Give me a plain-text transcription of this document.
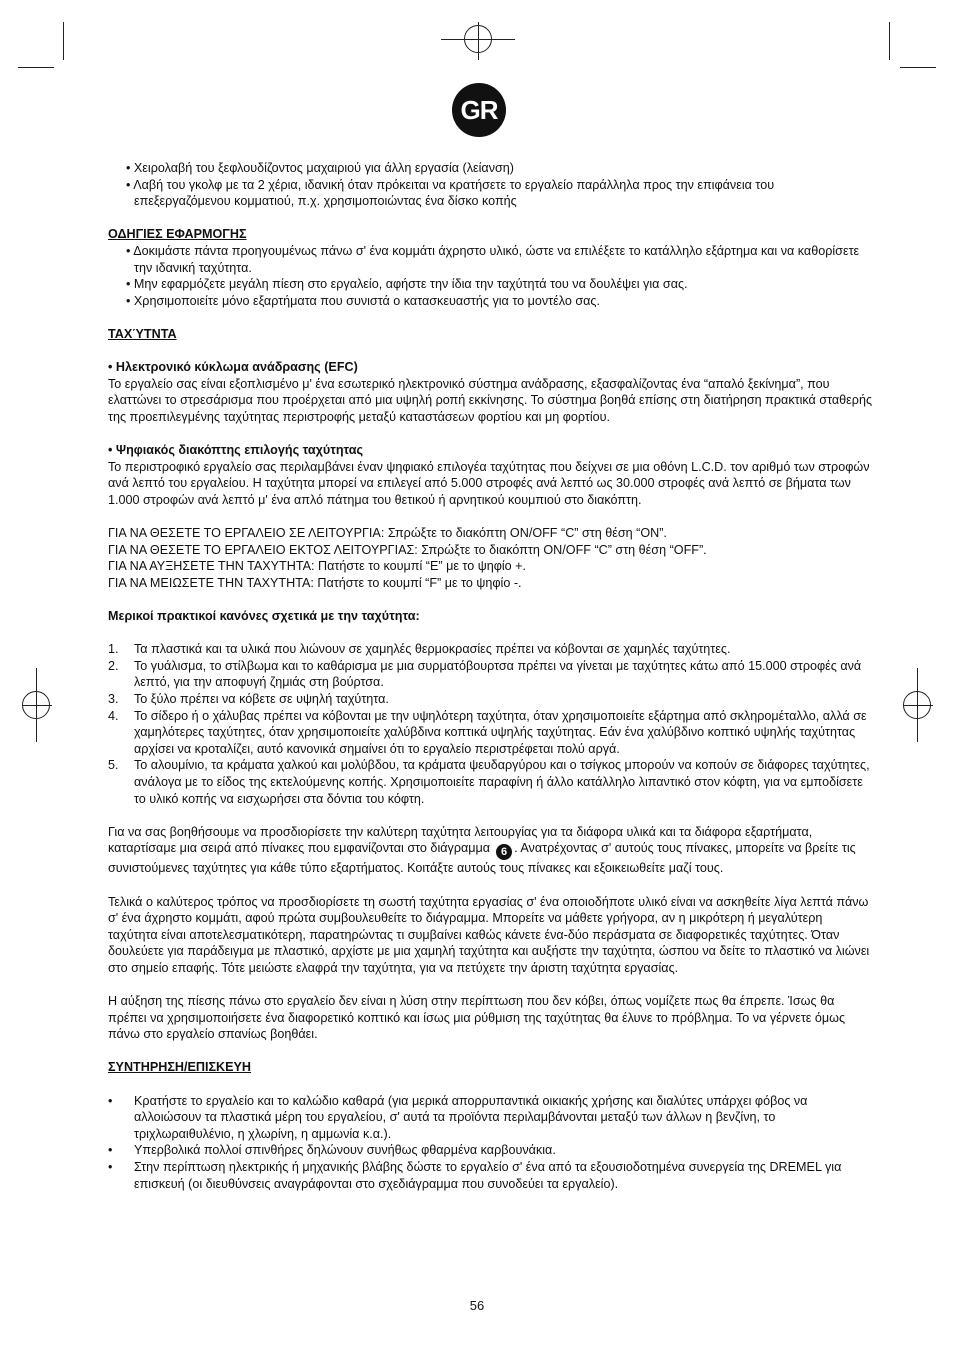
GR

• Χειρολαβή του ξεφλουδίζοντος μαχαιριού για άλλη εργασία (λείανση)

• Λαβή του γκολφ με τα 2 χέρια, ιδανική όταν πρόκειται να κρατήσετε το εργαλείο παράλληλα προς την επιφάνεια του επεξεργαζόμενου κομματιού, π.χ. χρησιμοποιώντας ένα δίσκο κοπής

ΟΔΗΓΙΕΣ ΕΦΑΡΜΟΓΗΣ

• Δοκιμάστε πάντα προηγουμένως πάνω σ' ένα κομμάτι άχρηστο υλικό, ώστε να επιλέξετε το κατάλληλο εξάρτημα και να καθορίσετε την ιδανική ταχύτητα.

• Μην εφαρμόζετε μεγάλη πίεση στο εργαλείο, αφήστε την ίδια την ταχύτητά του να δουλέψει για σας.

• Χρησιμοποιείτε μόνο εξαρτήματα που συνιστά ο κατασκευαστής για το μοντέλο σας.

ΤΑΧΎΤΝΤΑ

• Ηλεκτρονικό κύκλωμα ανάδρασης (EFC)

Το εργαλείο σας είναι εξοπλισμένο μ' ένα εσωτερικό ηλεκτρονικό σύστημα ανάδρασης, εξασφαλίζοντας ένα “απαλό ξεκίνημα”, που ελαττώνει το στρεσάρισμα που προέρχεται από μια υψηλή ροπή εκκίνησης. Το σύστημα βοηθά επίσης στη διατήρηση πρακτικά σταθερής της προεπιλεγμένης ταχύτητας περιστροφής μεταξύ καταστάσεων φορτίου και μη φορτίου.

• Ψηφιακός διακόπτης επιλογής ταχύτητας

Το περιστροφικό εργαλείο σας περιλαμβάνει έναν ψηφιακό επιλογέα ταχύτητας που δείχνει σε μια οθόνη L.C.D. τον αριθμό των στροφών ανά λεπτό του εργαλείου. Η ταχύτητα μπορεί να επιλεγεί από 5.000 στροφές ανά λεπτό ως 30.000 στροφές ανά λεπτό σε βήματα των 1.000 στροφών ανά λεπτό μ' ένα απλό πάτημα του θετικού ή αρνητικού κουμπιού στο διακόπτη.

ΓΙΑ ΝΑ ΘΕΣΕΤΕ ΤΟ ΕΡΓΑΛΕΙΟ ΣΕ ΛΕΙΤΟΥΡΓΙΑ: Σπρώξτε το διακόπτη ON/OFF “C” στη θέση “ON”.

ΓΙΑ ΝΑ ΘΕΣΕΤΕ ΤΟ ΕΡΓΑΛΕΙΟ ΕΚΤΟΣ ΛΕΙΤΟΥΡΓΙΑΣ: Σπρώξτε το διακόπτη ON/OFF “C” στη θέση “OFF”.

ΓΙΑ ΝΑ ΑΥΞΗΣΕΤΕ ΤΗΝ ΤΑΧΥΤΗΤΑ: Πατήστε το κουμπί “E” με το ψηφίο +.

ΓΙΑ ΝΑ ΜΕΙΩΣΕΤΕ ΤΗΝ ΤΑΧΥΤΗΤΑ: Πατήστε το κουμπί “F” με το ψηφίο -.

Μερικοί πρακτικοί κανόνες σχετικά με την ταχύτητα:

1.	Τα πλαστικά και τα υλικά που λιώνουν σε χαμηλές θερμοκρασίες πρέπει να κόβονται σε χαμηλές ταχύτητες.
2.	Το γυάλισμα, το στίλβωμα και το καθάρισμα με μια συρματόβουρτσα πρέπει να γίνεται με ταχύτητες κάτω από 15.000 στροφές ανά λεπτό, για την αποφυγή ζημιάς στη βούρτσα.
3.	Το ξύλο πρέπει να κόβετε σε υψηλή ταχύτητα.
4.	Το σίδερο ή ο χάλυβας πρέπει να κόβονται με την υψηλότερη ταχύτητα, όταν χρησιμοποιείτε εξάρτημα από σκληρομέταλλο, αλλά σε χαμηλότερες ταχύτητες, όταν χρησιμοποιείτε χαλύβδινα κοπτικά υψηλής ταχύτητας. Εάν ένα χαλύβδινο κοπτικό υψηλής ταχύτητας αρχίσει να κροταλίζει, αυτό κανονικά σημαίνει ότι το εργαλείο περιστρέφεται πολύ αργά.
5.	Το αλουμίνιο, τα κράματα χαλκού και μολύβδου, τα κράματα ψευδαργύρου και ο τσίγκος μπορούν να κοπούν σε διάφορες ταχύτητες, ανάλογα με το είδος της εκτελούμενης κοπής. Χρησιμοποιείτε παραφίνη ή άλλο κατάλληλο λιπαντικό στον κόφτη, για να εμποδίσετε το υλικό κοπής να εισχωρήσει στα δόντια του κόφτη.

Για να σας βοηθήσουμε να προσδιορίσετε την καλύτερη ταχύτητα λειτουργίας για τα διάφορα υλικά και τα διάφορα εξαρτήματα, καταρτίσαμε μια σειρά από πίνακες που εμφανίζονται στο διάγραμμα 6 . Ανατρέχοντας σ' αυτούς τους πίνακες, μπορείτε να βρείτε τις συνιστούμενες ταχύτητες για κάθε τύπο εξαρτήματος. Κοιτάξτε αυτούς τους πίνακες και εξοικειωθείτε μαζί τους.

Τελικά ο καλύτερος τρόπος να προσδιορίσετε τη σωστή ταχύτητα εργασίας σ' ένα οποιοδήποτε υλικό είναι να ασκηθείτε λίγα λεπτά πάνω σ' ένα άχρηστο κομμάτι, αφού πρώτα συμβουλευθείτε το διάγραμμα. Μπορείτε να μάθετε γρήγορα, αν η μικρότερη ή μεγαλύτερη ταχύτητα είναι αποτελεσματικότερη, παρατηρώντας τι συμβαίνει καθώς κάνετε ένα-δύο περάσματα σε διαφορετικές ταχύτητες. Όταν δουλεύετε για παράδειγμα με πλαστικό, αρχίστε με μια χαμηλή ταχύτητα και αυξήστε την ταχύτητα, ώσπου να δείτε το πλαστικό να λιώνει στο σημείο επαφής. Τότε μειώστε ελαφρά την ταχύτητα, για να πετύχετε την άριστη ταχύτητα εργασίας.

Η αύξηση της πίεσης πάνω στο εργαλείο δεν είναι η λύση στην περίπτωση που δεν κόβει, όπως νομίζετε πως θα έπρεπε. Ίσως θα πρέπει να χρησιμοποιήσετε ένα διαφορετικό κοπτικό και ίσως μια ρύθμιση της ταχύτητας θα έλυνε το πρόβλημα. Το να γέρνετε όμως πάνω στο εργαλείο σπανίως βοηθάει.

ΣΥΝΤΗΡΗΣΗ/ΕΠΙΣΚΕΥΗ

•	Κρατήστε το εργαλείο και το καλώδιο καθαρά (για μερικά απορρυπαντικά οικιακής χρήσης και διαλύτες υπάρχει φόβος να αλλοιώσουν τα πλαστικά μέρη του εργαλείου, σ' αυτά τα προϊόντα περιλαμβάνονται μεταξύ των άλλων η βενζίνη, το τριχλωραιθυλένιο, η χλωρίνη, η αμμωνία κ.α.).
•	Υπερβολικά πολλοί σπινθήρες δηλώνουν συνήθως φθαρμένα καρβουνάκια.
•	Στην περίπτωση ηλεκτρικής ή μηχανικής βλάβης δώστε το εργαλείο σ' ένα από τα εξουσιοδοτημένα συνεργεία της DREMEL για επισκευή (οι διευθύνσεις αναγράφονται στο σχεδιάγραμμα που συνοδεύει τα εργαλείο).
56
